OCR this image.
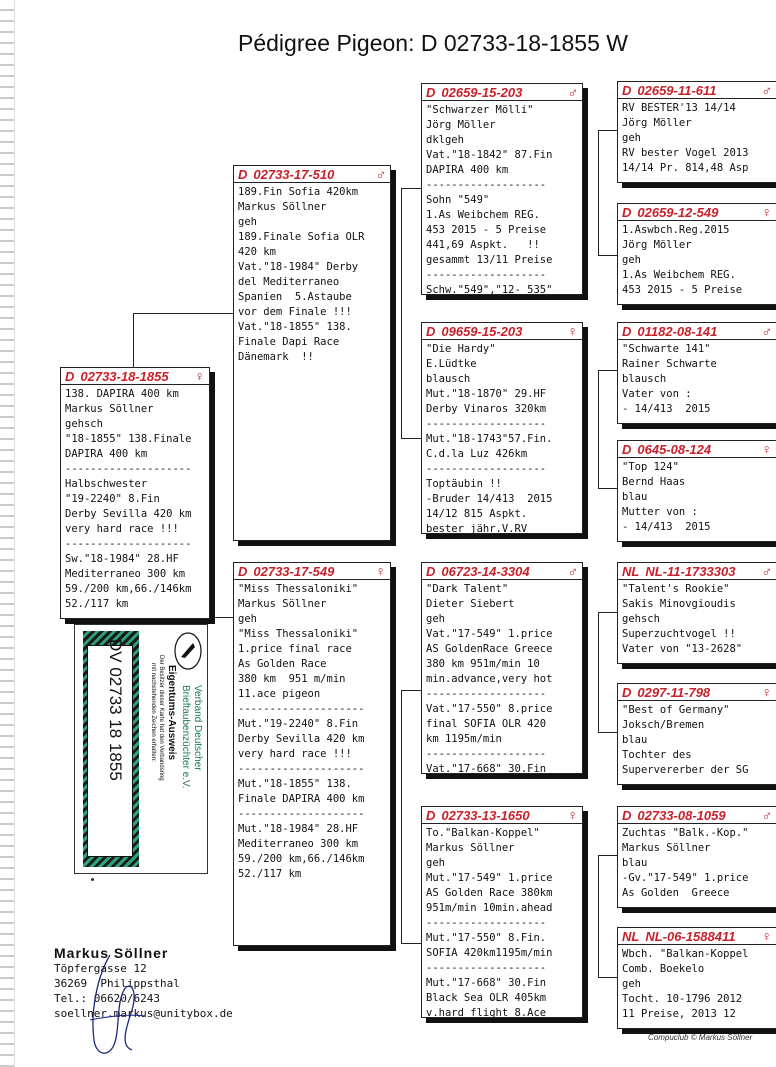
Pédigree Pigeon: D 02733-18-1855 W
D 02733-18-1855	♀
138. DAPIRA 400 km
Markus Söllner
gehsch
"18-1855" 138.Finale
DAPIRA 400 km
--------------------
Halbschwester
"19-2240" 8.Fin
Derby Sevilla 420 km
very hard race !!!
--------------------
Sw."18-1984" 28.HF
Mediterraneo 300 km
59./200 km,66./146km
52./117 km
D 02733-17-510	♂
189.Fin Sofia 420km
Markus Söllner
geh
189.Finale Sofia OLR
420 km
Vat."18-1984" Derby
del Mediterraneo
Spanien  5.Astaube
vor dem Finale !!!
Vat."18-1855" 138.
Finale Dapi Race
Dänemark  !!
D 02733-17-549	♀
"Miss Thessaloniki"
Markus Söllner
geh
"Miss Thessaloniki"
1.price final race
As Golden Race
380 km  951 m/min
11.ace pigeon
--------------------
Mut."19-2240" 8.Fin
Derby Sevilla 420 km
very hard race !!!
--------------------
Mut."18-1855" 138.
Finale DAPIRA 400 km
--------------------
Mut."18-1984" 28.HF
Mediterraneo 300 km
59./200 km,66./146km
52./117 km
D 02659-15-203	♂
"Schwarzer Mölli"
Jörg Möller
dklgeh
Vat."18-1842" 87.Fin
DAPIRA 400 km
-------------------
Sohn "549"
1.As Weibchem REG.
453 2015 - 5 Preise
441,69 Aspkt.   !!
gesammt 13/11 Preise
-------------------
Schw."549","12- 535"
D 09659-15-203	♀
"Die Hardy"
E.Lüdtke
blausch
Mut."18-1870" 29.HF
Derby Vinaros 320km
-------------------
Mut."18-1743"57.Fin.
C.d.la Luz 426km
-------------------
Toptäubin !!
-Bruder 14/413  2015
14/12 815 Aspkt.
bester jähr.V.RV
D 06723-14-3304	♂
"Dark Talent"
Dieter Siebert
geh
Vat."17-549" 1.price
AS GoldenRace Greece
380 km 951m/min 10
min.advance,very hot
-------------------
Vat."17-550" 8.price
final SOFIA OLR 420
km 1195m/min
-------------------
Vat."17-668" 30.Fin
D 02733-13-1650	♀
To."Balkan-Koppel"
Markus Söllner
geh
Mut."17-549" 1.price
AS Golden Race 380km
951m/min 10min.ahead
-------------------
Mut."17-550" 8.Fin.
SOFIA 420km1195m/min
-------------------
Mut."17-668" 30.Fin
Black Sea OLR 405km
v.hard flight 8.Ace
D 02659-11-611	♂
RV BESTER'13 14/14
Jörg Möller
geh
RV bester Vogel 2013
14/14 Pr. 814,48 Asp
D 02659-12-549	♀
1.Aswbch.Reg.2015
Jörg Möller
geh
1.As Weibchem REG.
453 2015 - 5 Preise
D 01182-08-141	♂
"Schwarte 141"
Rainer Schwarte
blausch
Vater von :
- 14/413  2015
D 0645-08-124	♀
"Top 124"
Bernd Haas
blau
Mutter von :
- 14/413  2015
NL NL-11-1733303	♂
"Talent's Rookie"
Sakis Minovgioudis
gehsch
Superzuchtvogel !!
Vater von "13-2628"
D 0297-11-798	♀
"Best of Germany"
Joksch/Bremen
blau
Tochter des
Supervererber der SG
D 02733-08-1059	♂
Zuchtas "Balk.-Kop."
Markus Söllner
blau
-Gv."17-549" 1.price
As Golden  Greece
NL NL-06-1588411	♀
Wbch. "Balkan-Koppel
Comb. Boekelo
geh
Tocht. 10-1796 2012
11 Preise, 2013 12
DV 02733 18 1855	Verband Deutscher
Brieftaubenzüchter e.V.
Eigentums-Ausweis
Der Besitzer dieser Karte hat den Verbandsring
mit nachstehenden Zeichen erhalten:
Markus Söllner
Töpfergasse 12
36269  Philippsthal
Tel.: 06620/6243
soellner.markus@unitybox.de
Compuclub © Markus Söllner
